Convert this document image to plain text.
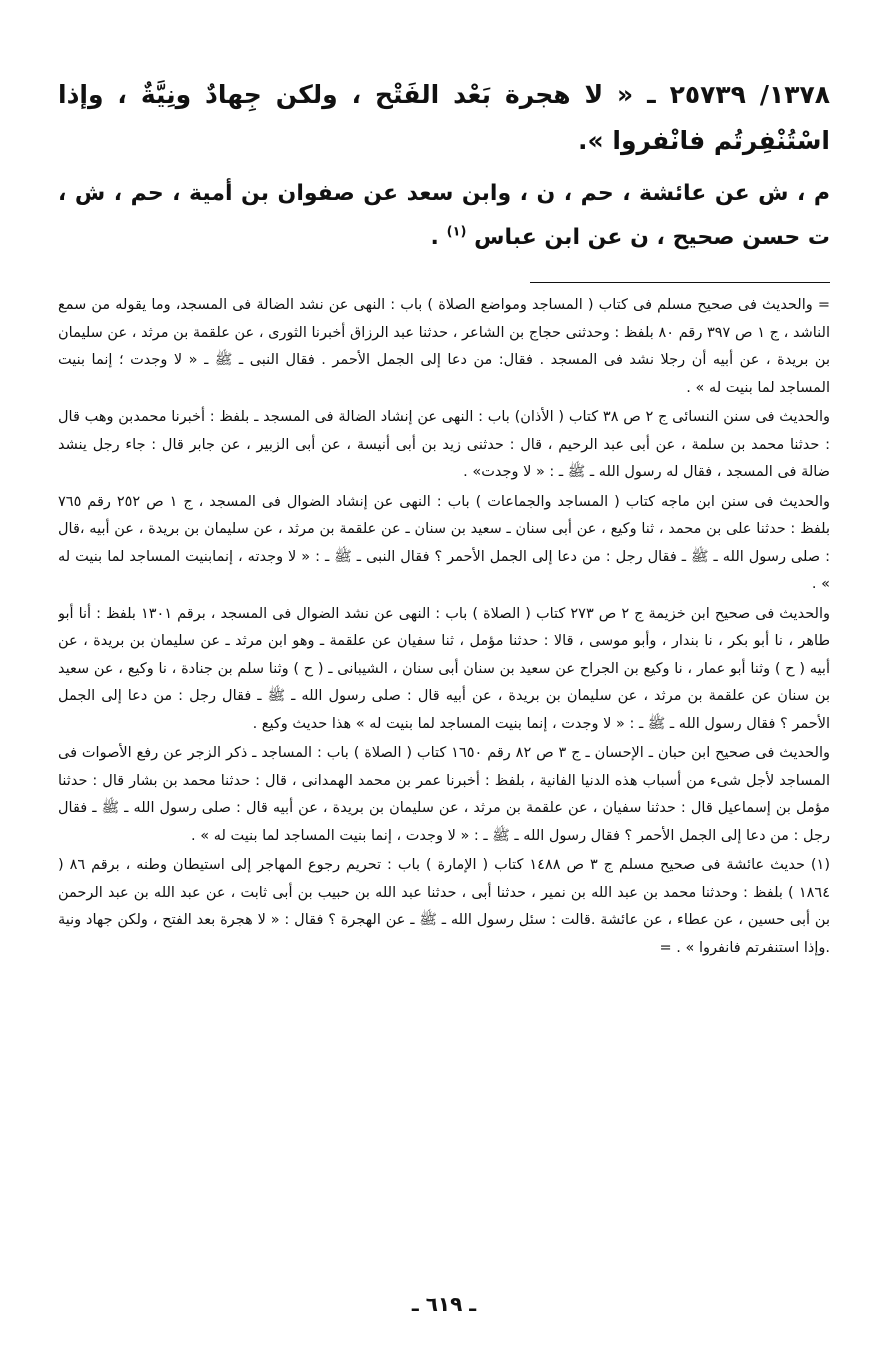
١٣٧٨/ ٢٥٧٣٩ ـ « لا هجرة بَعْد الفَتْح ، ولكن جِهادٌ ونِيَّةٌ ، وإذا اسْتُنْفِرتُم فانْفروا ».

م ، ش عن عائشة ، حم ، ن ، وابن سعد عن صفوان بن أمية ، حم ، ش ، ت حسن صحيح ، ن عن ابن عباس $^{(١)}$ .

= والحديث فى صحيح مسلم فى كتاب ( المساجد ومواضع الصلاة ) باب : النهى عن نشد الضالة فى المسجد، وما يقوله من سمع الناشد ، ج ١ ص ٣٩٧ رقم ٨٠ بلفظ : وحدثنى حجاج بن الشاعر ، حدثنا عبد الرزاق أخبرنا الثورى ، عن علقمة بن مرثد ، عن سليمان بن بريدة ، عن أبيه أن رجلا نشد فى المسجد . فقال: من دعا إلى الجمل الأحمر . فقال النبى ـ ﷺ ـ « لا وجدت ؛ إنما بنيت المساجد لما بنيت له » .

والحديث فى سنن النسائى ج ٢ ص ٣٨ كتاب ( الأذان) باب : النهى عن إنشاد الضالة فى المسجد ـ بلفظ : أخبرنا محمدبن وهب قال : حدثنا محمد بن سلمة ، عن أبى عبد الرحيم ، قال : حدثنى زيد بن أبى أنيسة ، عن أبى الزبير ، عن جابر قال : جاء رجل ينشد ضالة فى المسجد ، فقال له رسول الله ـ ﷺ ـ : « لا وجدت» .

والحديث فى سنن ابن ماجه كتاب ( المساجد والجماعات ) باب : النهى عن إنشاد الضوال فى المسجد ، ج ١ ص ٢٥٢ رقم ٧٦٥ بلفظ : حدثنا على بن محمد ، ثنا وكيع ، عن أبى سنان ـ سعيد بن سنان ـ عن علقمة بن مرثد ، عن سليمان بن بريدة ، عن أبيه ،قال : صلى رسول الله ـ ﷺ ـ فقال رجل : من دعا إلى الجمل الأحمر ؟ فقال النبى ـ ﷺ ـ : « لا وجدته ، إنمابنيت المساجد لما بنيت له » .

والحديث فى صحيح ابن خزيمة ج ٢ ص ٢٧٣ كتاب ( الصلاة ) باب : النهى عن نشد الضوال فى المسجد ، برقم ١٣٠١ بلفظ : أنا أبو طاهر ، نا أبو بكر ، نا بندار ، وأبو موسى ، قالا : حدثنا مؤمل ، ثنا سفيان عن علقمة ـ وهو ابن مرثد ـ عن سليمان بن بريدة ، عن أبيه ( ح ) وثنا أبو عمار ، نا وكيع بن الجراح عن سعيد بن سنان أبى سنان ، الشيبانى ـ ( ح ) وثنا سلم بن جنادة ، نا وكيع ، عن سعيد بن سنان عن علقمة بن مرثد ، عن سليمان بن بريدة ، عن أبيه قال : صلى رسول الله ـ ﷺ ـ فقال رجل : من دعا إلى الجمل الأحمر ؟ فقال رسول الله ـ ﷺ ـ : « لا وجدت ، إنما بنيت المساجد لما بنيت له » هذا حديث وكيع .

والحديث فى صحيح ابن حبان ـ الإحسان ـ ج ٣ ص ٨٢ رقم ١٦٥٠ كتاب ( الصلاة ) باب : المساجد ـ ذكر الزجر عن رفع الأصوات فى المساجد لأجل شىء من أسباب هذه الدنيا الفانية ، بلفظ : أخبرنا عمر بن محمد الهمدانى ، قال : حدثنا محمد بن بشار قال : حدثنا مؤمل بن إسماعيل قال : حدثنا سفيان ، عن علقمة بن مرثد ، عن سليمان بن بريدة ، عن أبيه قال : صلى رسول الله ـ ﷺ ـ فقال رجل : من دعا إلى الجمل الأحمر ؟ فقال رسول الله ـ ﷺ ـ : « لا وجدت ، إنما بنيت المساجد لما بنيت له » .

(١) حديث عائشة فى صحيح مسلم ج ٣ ص ١٤٨٨ كتاب ( الإمارة ) باب : تحريم رجوع المهاجر إلى استيطان وطنه ، برقم ٨٦ ( ١٨٦٤ ) بلفظ : وحدثنا محمد بن عبد الله بن نمير ، حدثنا أبى ، حدثنا عبد الله بن حبيب بن أبى ثابت ، عن عبد الله بن عبد الرحمن بن أبى حسين ، عن عطاء ، عن عائشة .قالت : سئل رسول الله ـ ﷺ ـ عن الهجرة ؟ فقال : « لا هجرة بعد الفتح ، ولكن جهاد ونية .وإذا استنفرتم فانفروا » . =

ـ ٦١٩ ـ
